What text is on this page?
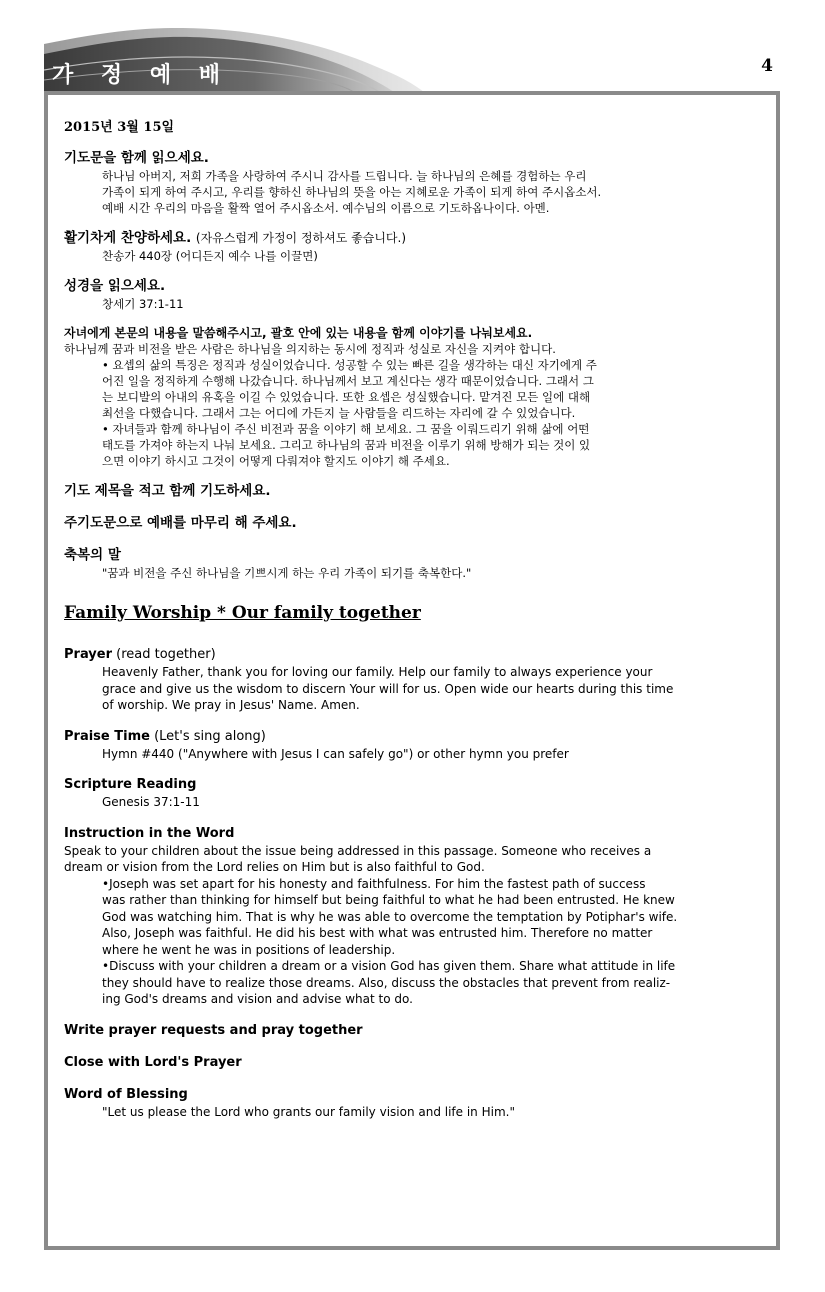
가 정 예 배	4
2015년 3월 15일
기도문을 함께 읽으세요.
하나님 아버지, 저희 가족을 사랑하여 주시니 감사를 드립니다. 늘 하나님의 은혜를 경험하는 우리
가족이 되게 하여 주시고, 우리를 향하신 하나님의 뜻을 아는 지혜로운 가족이 되게 하여 주시옵소서.
예배 시간 우리의 마음을 활짝 열어 주시옵소서. 예수님의 이름으로 기도하옵나이다. 아멘.
활기차게 찬양하세요. (자유스럽게 가정이 정하셔도 좋습니다.)
찬송가 440장 (어디든지 예수 나를 이끌면)
성경을 읽으세요.
창세기 37:1-11
자녀에게 본문의 내용을 말씀해주시고, 괄호 안에 있는 내용을 함께 이야기를 나눠보세요.
하나님께 꿈과 비전을 받은 사람은 하나님을 의지하는 동시에 정직과 성실로 자신을 지켜야 합니다.
• 요셉의 삶의 특징은 정직과 성실이었습니다. 성공할 수 있는 빠른 길을 생각하는 대신 자기에게 주
어진 일을 정직하게 수행해 나갔습니다. 하나님께서 보고 계신다는 생각 때문이었습니다. 그래서 그
는 보디발의 아내의 유혹을 이길 수 있었습니다. 또한 요셉은 성실했습니다. 맡겨진 모든 일에 대해
최선을 다했습니다. 그래서 그는 어디에 가든지 늘 사람들을 리드하는 자리에 갈 수 있었습니다.
• 자녀들과 함께 하나님이 주신 비전과 꿈을 이야기 해 보세요. 그 꿈을 이뤄드리기 위해 삶에 어떤
태도를 가져야 하는지 나눠 보세요. 그리고 하나님의 꿈과 비전을 이루기 위해 방해가 되는 것이 있
으면 이야기 하시고 그것이 어떻게 다뤄져야 할지도 이야기 해 주세요.
기도 제목을 적고 함께 기도하세요.
주기도문으로 예배를 마무리 해 주세요.
축복의 말
"꿈과 비전을 주신 하나님을 기쁘시게 하는 우리 가족이 되기를 축복한다."
Family Worship * Our family together
Prayer (read together)
Heavenly Father, thank you for loving our family. Help our family to always experience your
grace and give us the wisdom to discern Your will for us. Open wide our hearts during this time
of worship. We pray in Jesus' Name. Amen.
Praise Time (Let's sing along)
Hymn #440 ("Anywhere with Jesus I can safely go") or other hymn you prefer
Scripture Reading
Genesis 37:1-11
Instruction in the Word
Speak to your children about the issue being addressed in this passage. Someone who receives a
dream or vision from the Lord relies on Him but is also faithful to God.
•Joseph was set apart for his honesty and faithfulness. For him the fastest path of success
was rather than thinking for himself but being faithful to what he had been entrusted. He knew
God was watching him. That is why he was able to overcome the temptation by Potiphar's wife.
Also, Joseph was faithful. He did his best with what was entrusted him. Therefore no matter
where he went he was in positions of leadership.
•Discuss with your children a dream or a vision God has given them. Share what attitude in life
they should have to realize those dreams. Also, discuss the obstacles that prevent from realiz-
ing God's dreams and vision and advise what to do.
Write prayer requests and pray together
Close with Lord's Prayer
Word of Blessing
"Let us please the Lord who grants our family vision and life in Him."
